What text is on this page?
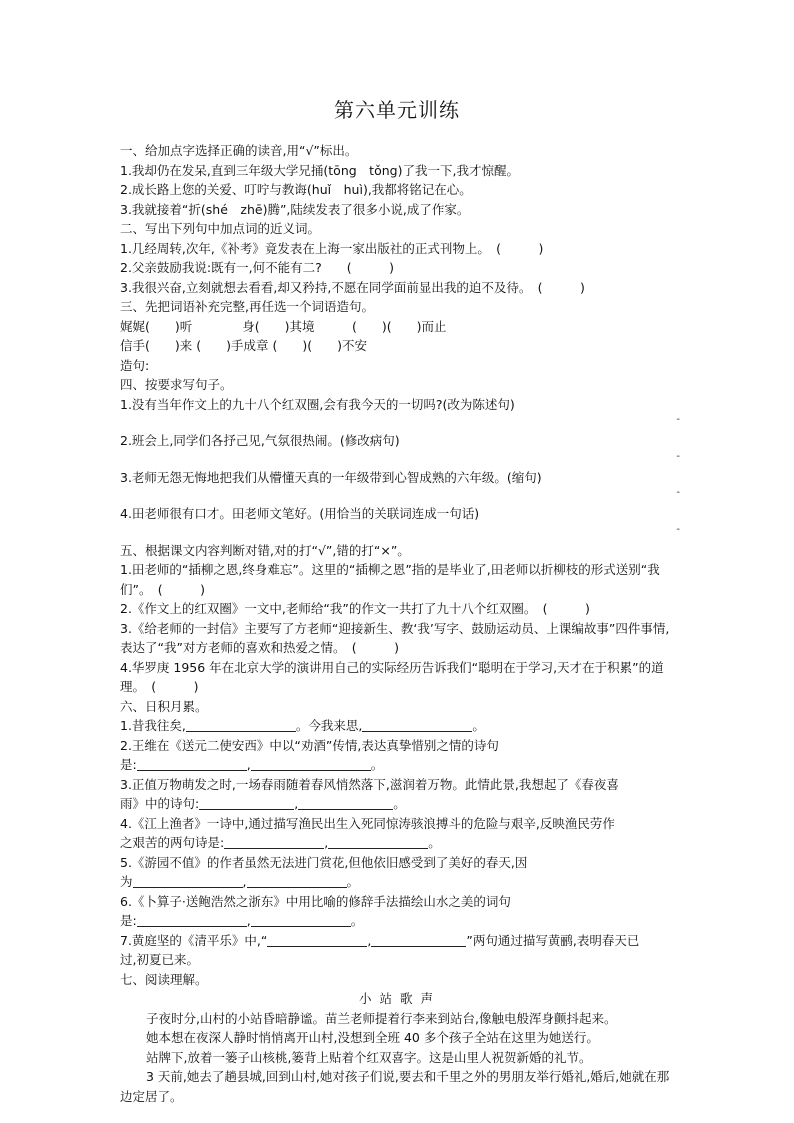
第六单元训练
一、给加点字选择正确的读音,用“√”标出。
1.我却仍在发呆,直到三年级大学兄捅(tōng　tǒng)了我一下,我才惊醒。
2.成长路上您的关爱、叮咛与教诲(huǐ　huì),我都将铭记在心。
3.我就接着“折(shé　zhē)腾”,陆续发表了很多小说,成了作家。
二、写出下列句中加点词的近义词。
1.几经周转,次年,《补考》竟发表在上海一家出版社的正式刊物上。　(　　　)
2.父亲鼓励我说:既有一,何不能有二?　　(　　　)
3.我很兴奋,立刻就想去看看,却又矜持,不愿在同学面前显出我的迫不及待。　(　　　)
三、先把词语补充完整,再任选一个词语造句。
娓娓(　　)听　　　　身(　　)其境　　　(　　)(　　)而止
信手(　　)来 (　　)手成章 (　　)(　　)不安
造句:
四、按要求写句子。
1.没有当年作文上的九十八个红双圈,会有我今天的一切吗?(改为陈述句)
-
2.班会上,同学们各抒己见,气氛很热闹。(修改病句)
-
3.老师无怨无悔地把我们从懵懂天真的一年级带到心智成熟的六年级。(缩句)
-
4.田老师很有口才。田老师文笔好。(用恰当的关联词连成一句话)
-
五、根据课文内容判断对错,对的打“√”,错的打“×”。
1.田老师的“插柳之恩,终身难忘”。这里的“插柳之恩”指的是毕业了,田老师以折柳枝的形式送别“我们”。　(　　　)
2.《作文上的红双圈》一文中,老师给“我”的作文一共打了九十八个红双圈。　(　　　)
3.《给老师的一封信》主要写了方老师“迎接新生、教‘我’写字、鼓励运动员、上课编故事”四件事情,表达了“我”对方老师的喜欢和热爱之情。　(　　　)
4.华罗庚 1956 年在北京大学的演讲用自己的实际经历告诉我们“聪明在于学习,天才在于积累”的道理。　(　　　)
六、日积月累。
1.昔我往矣,	。今我来思,	。
2.王维在《送元二使安西》中以“劝酒”传情,表达真挚惜别之情的诗句
是:	,	。
3.正值万物萌发之时,一场春雨随着春风悄然落下,滋润着万物。此情此景,我想起了《春夜喜
雨》中的诗句:	,	。
4.《江上渔者》一诗中,通过描写渔民出生入死同惊涛骇浪搏斗的危险与艰辛,反映渔民劳作
之艰苦的两句诗是:	,	。
5.《游园不值》的作者虽然无法进门赏花,但他依旧感受到了美好的春天,因
为	,	。
6.《卜算子·送鲍浩然之浙东》中用比喻的修辞手法描绘山水之美的词句
是:	,	。
7.黄庭坚的《清平乐》中,“	,	”两句通过描写黄鹂,表明春天已
过,初夏已来。
七、阅读理解。
小站歌声
子夜时分,山村的小站昏暗静谧。苗兰老师提着行李来到站台,像触电般浑身颤抖起来。
她本想在夜深人静时悄悄离开山村,没想到全班 40 多个孩子全站在这里为她送行。
站牌下,放着一篓子山核桃,篓背上贴着个红双喜字。这是山里人祝贺新婚的礼节。
3 天前,她去了趟县城,回到山村,她对孩子们说,要去和千里之外的男朋友举行婚礼,婚后,她就在那边定居了。
